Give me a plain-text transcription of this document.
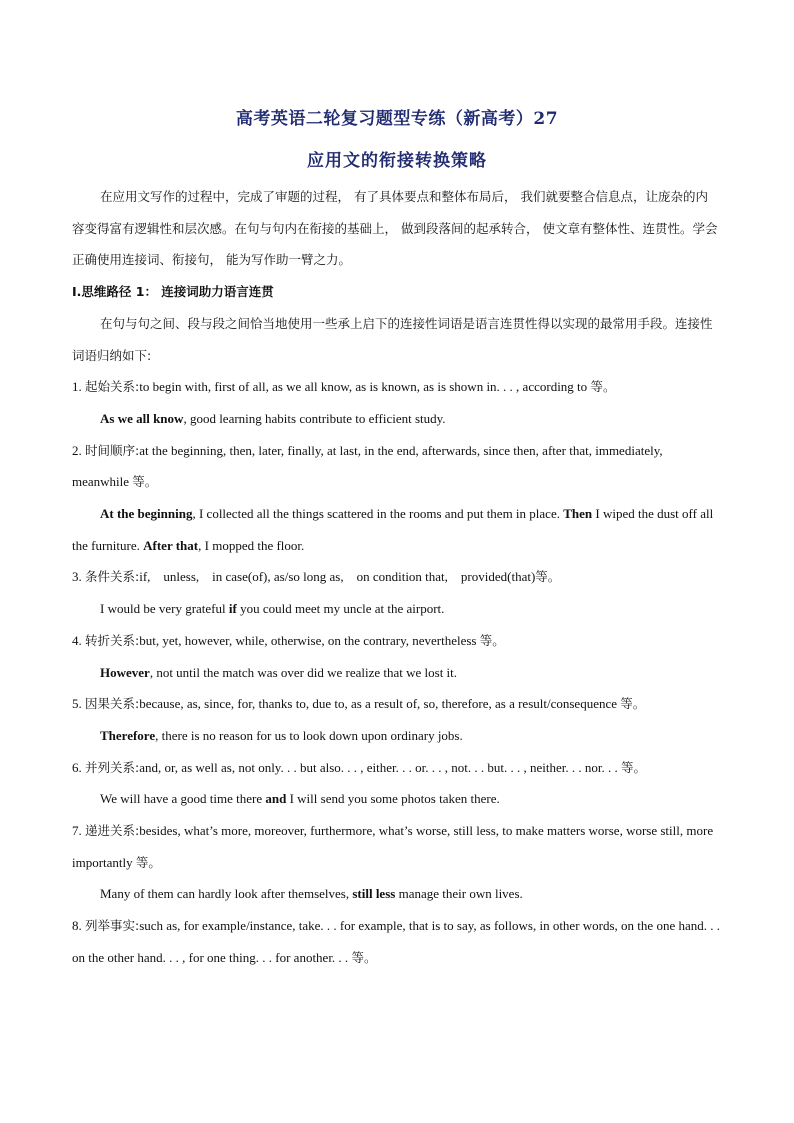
高考英语二轮复习题型专练（新高考）27
应用文的衔接转换策略

在应用文写作的过程中，完成了审题的过程， 有了具体要点和整体布局后， 我们就要整合信息点，让庞杂的内容变得富有逻辑性和层次感。在句与句内在衔接的基础上， 做到段落间的起承转合， 使文章有整体性、连贯性。学会正确使用连接词、衔接句， 能为写作助一臂之力。

I.思维路径 1： 连接词助力语言连贯

在句与句之间、段与段之间恰当地使用一些承上启下的连接性词语是语言连贯性得以实现的最常用手段。连接性词语归纳如下:

1. 起始关系:to begin with, first of all, as we all know, as is known, as is shown in. . . , according to 等。

As we all know, good learning habits contribute to efficient study.

2. 时间顺序:at the beginning, then, later, finally, at last, in the end, afterwards, since then, after that, immediately, meanwhile 等。

At the beginning, I collected all the things scattered in the rooms and put them in place. Then I wiped the dust off all the furniture. After that, I mopped the floor.

3. 条件关系:if,    unless,    in case(of), as/so long as,    on condition that,    provided(that)等。

I would be very grateful if you could meet my uncle at the airport.

4. 转折关系:but, yet, however, while, otherwise, on the contrary, nevertheless 等。

However, not until the match was over did we realize that we lost it.

5. 因果关系:because, as, since, for, thanks to, due to, as a result of, so, therefore, as a result/consequence 等。

Therefore, there is no reason for us to look down upon ordinary jobs.

6. 并列关系:and, or, as well as, not only. . . but also. . . , either. . . or. . . , not. . . but. . . , neither. . . nor. . . 等。

We will have a good time there and I will send you some photos taken there.

7. 递进关系:besides, what’s more, moreover, furthermore, what’s worse, still less, to make matters worse, worse still, more importantly 等。

Many of them can hardly look after themselves, still less manage their own lives.

8. 列举事实:such as, for example/instance, take. . . for example, that is to say, as follows, in other words, on the one hand. . . on the other hand. . . , for one thing. . . for another. . . 等。
